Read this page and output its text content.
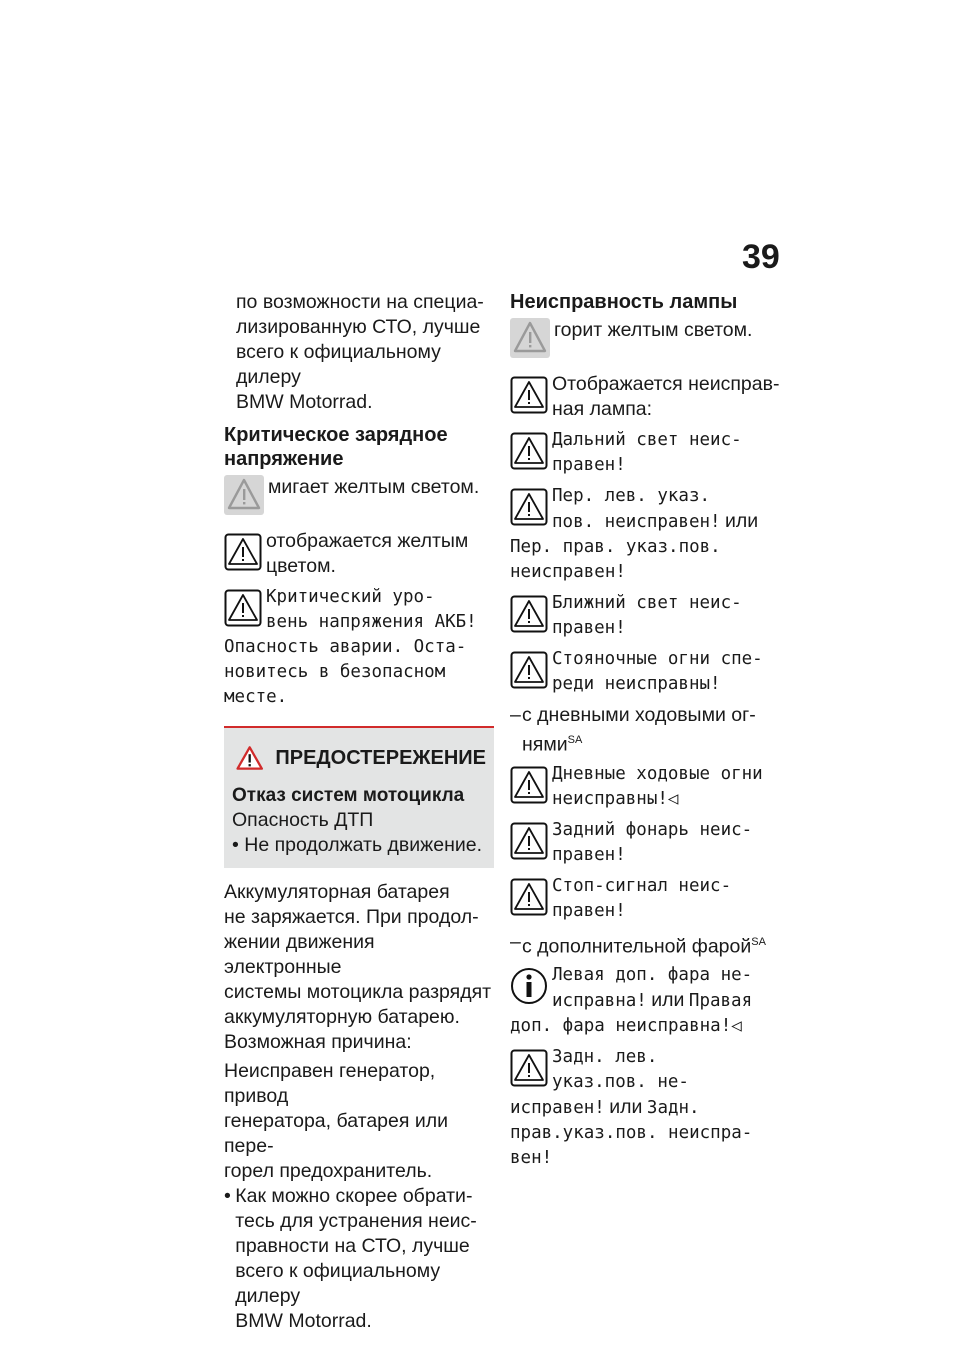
39

по возможности на специа-

лизированную СТО, лучше

всего к официальному дилеру

BMW Motorrad.

Критическое зарядное
напряжение

мигает желтым светом.

отображается желтым

цветом.

Критический уро-
вень напряжения АКБ!
Опасность аварии. Оста-
новитесь в безопасном
месте.
ПРЕДОСТЕРЕЖЕНИЕ
Отказ систем мотоцикла

Опасность ДТП

• Не продолжать движение.

Аккумуляторная батарея

не заряжается. При продол-

жении движения электронные

системы мотоцикла разрядят

аккумуляторную батарею.

Возможная причина:

Неисправен генератор, привод

генератора, батарея или пере-

горел предохранитель.

• Как можно скорее обрати-

тесь для устранения неис-

правности на СТО, лучше

всего к официальному дилеру

BMW Motorrad.

Неисправность лампы

горит желтым светом.

Отображается неисправ-

ная лампа:

Дальний свет неис-
правен!
Пер. лев. указ.
пов. неисправен! или
Пер. прав. указ.пов.
неисправен!
Ближний свет неис-
правен!
Стояночные огни спе-
реди неисправны!
– с дневными ходовыми ог-

нями$^{SA}$

Дневные ходовые огни
неисправны!◁
Задний фонарь неис-
правен!
Стоп-сигнал неис-
правен!
– с дополнительной фарой$^{SA}$

Левая доп. фара не-
исправна! или Правая
доп. фара неисправна!◁
Задн. лев.
указ.пов. не-
исправен! или Задн.
прав.указ.пов. неиспра-
вен!
